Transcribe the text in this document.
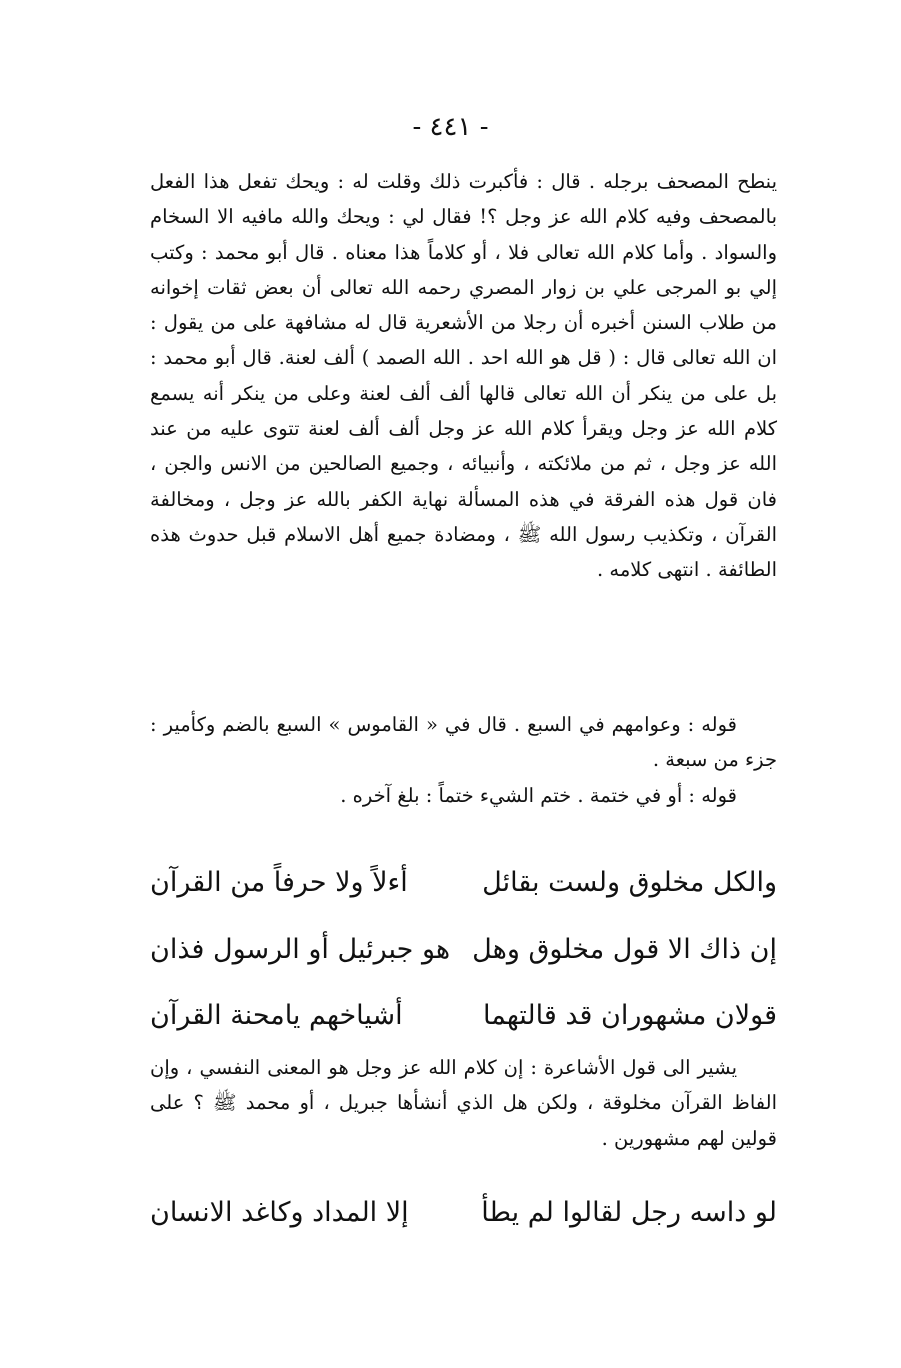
- ٤٤١ -

ينطح المصحف برجله . قال : فأكبرت ذلك وقلت له : ويحك تفعل هذا الفعل بالمصحف وفيه كلام الله عز وجل ؟! فقال لي : ويحك والله مافيه الا السخام والسواد . وأما كلام الله تعالى فلا ، أو كلاماً هذا معناه . قال أبو محمد : وكتب إلي بو المرجى علي بن زوار المصري رحمه الله تعالى أن بعض ثقات إخوانه من طلاب السنن أخبره أن رجلا من الأشعرية قال له مشافهة على من يقول : ان الله تعالى قال : ( قل هو الله احد . الله الصمد ) ألف لعنة. قال أبو محمد : بل على من ينكر أن الله تعالى قالها ألف ألف لعنة وعلى من ينكر أنه يسمع كلام الله عز وجل ويقرأ كلام الله عز وجل ألف ألف لعنة تتوى عليه من عند الله عز وجل ، ثم من ملائكته ، وأنبيائه ، وجميع الصالحين من الانس والجن ، فان قول هذه الفرقة في هذه المسألة نهاية الكفر بالله عز وجل ، ومخالفة القرآن ، وتكذيب رسول الله ﷺ ، ومضادة جميع أهل الاسلام قبل حدوث هذه الطائفة . انتهى كلامه .

قوله : وعوامهم في السبع . قال في « القاموس » السبع بالضم وكأمير : جزء من سبعة .

قوله : أو في ختمة . ختم الشيء ختماً : بلغ آخره .

والكل مخلوق ولست بقائل
أءلاً ولا حرفاً من القرآن
إن ذاك الا قول مخلوق وهل
هو جبرئيل أو الرسول فذان
قولان مشهوران قد قالتهما
أشياخهم يامحنة القرآن

يشير الى قول الأشاعرة : إن كلام الله عز وجل هو المعنى النفسي ، وإن الفاظ القرآن مخلوقة ، ولكن هل الذي أنشأها جبريل ، أو محمد ﷺ ؟ على قولين لهم مشهورين .

لو داسه رجل لقالوا لم يطأ
إلا المداد وكاغد الانسان
